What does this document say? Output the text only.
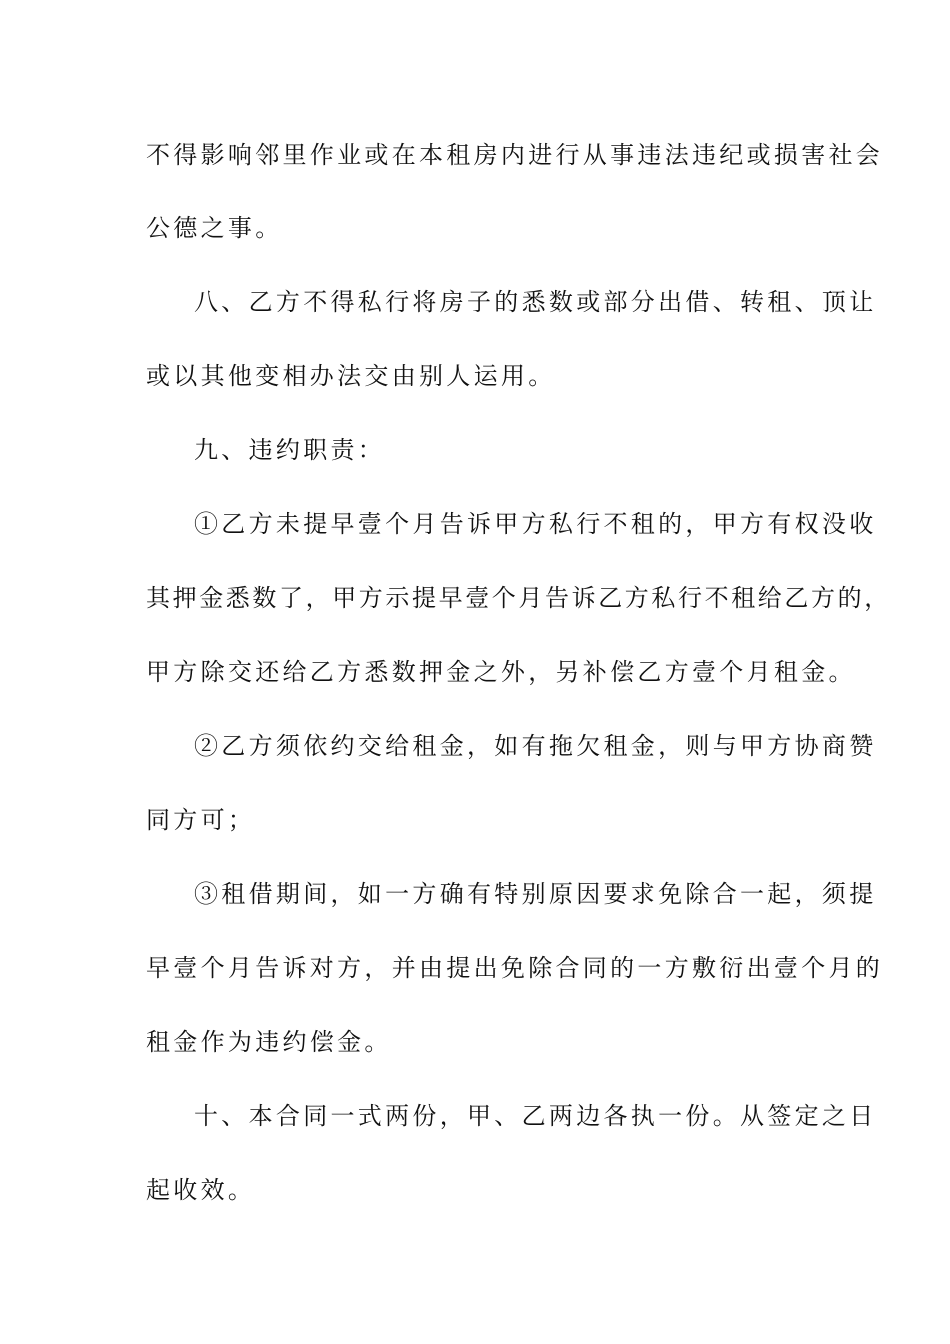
不得影响邻里作业或在本租房内进行从事违法违纪或损害社会
公德之事。
八、乙方不得私行将房子的悉数或部分出借、转租、顶让
或以其他变相办法交由别人运用。
九、违约职责：
①乙方未提早壹个月告诉甲方私行不租的，甲方有权没收
其押金悉数了，甲方示提早壹个月告诉乙方私行不租给乙方的，
甲方除交还给乙方悉数押金之外，另补偿乙方壹个月租金。
②乙方须依约交给租金，如有拖欠租金，则与甲方协商赞
同方可；
③租借期间，如一方确有特别原因要求免除合一起，须提
早壹个月告诉对方，并由提出免除合同的一方敷衍出壹个月的
租金作为违约偿金。
十、本合同一式两份，甲、乙两边各执一份。从签定之日
起收效。
